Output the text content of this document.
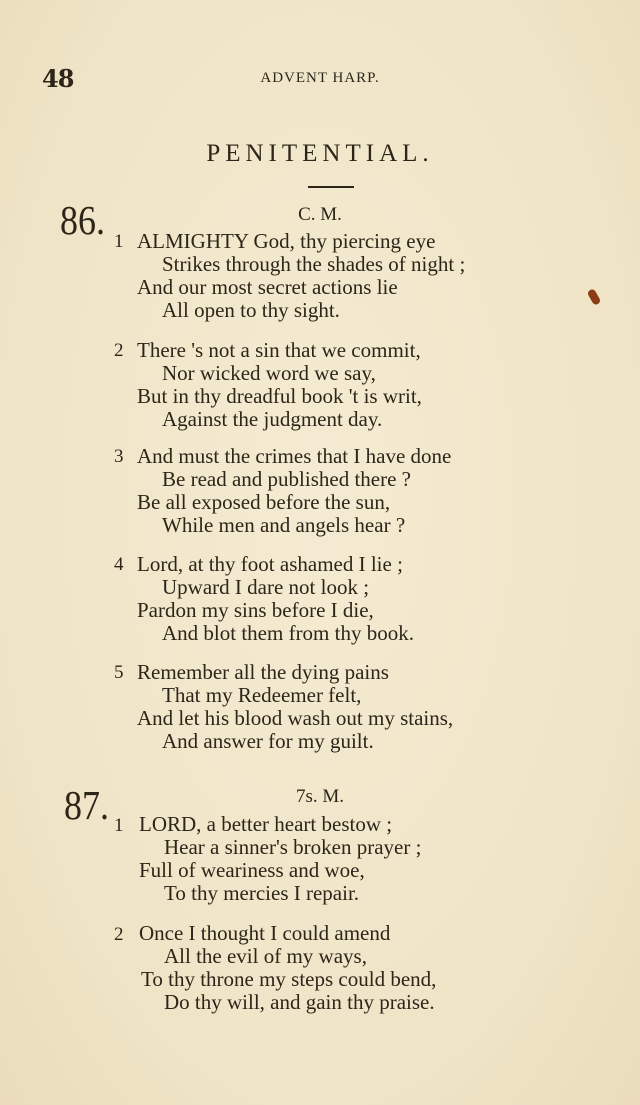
48	ADVENT HARP.
PENITENTIAL.
86.	C. M.
1 ALMIGHTY God, thy piercing eye
Strikes through the shades of night ;
And our most secret actions lie
All open to thy sight.
2 There 's not a sin that we commit,
Nor wicked word we say,
But in thy dreadful book 't is writ,
Against the judgment day.
3 And must the crimes that I have done
Be read and published there ?
Be all exposed before the sun,
While men and angels hear ?
4 Lord, at thy foot ashamed I lie ;
Upward I dare not look ;
Pardon my sins before I die,
And blot them from thy book.
5 Remember all the dying pains
That my Redeemer felt,
And let his blood wash out my stains,
And answer for my guilt.
87.	7s. M.
1 LORD, a better heart bestow ;
Hear a sinner's broken prayer ;
Full of weariness and woe,
To thy mercies I repair.
2 Once I thought I could amend
All the evil of my ways,
To thy throne my steps could bend,
Do thy will, and gain thy praise.
